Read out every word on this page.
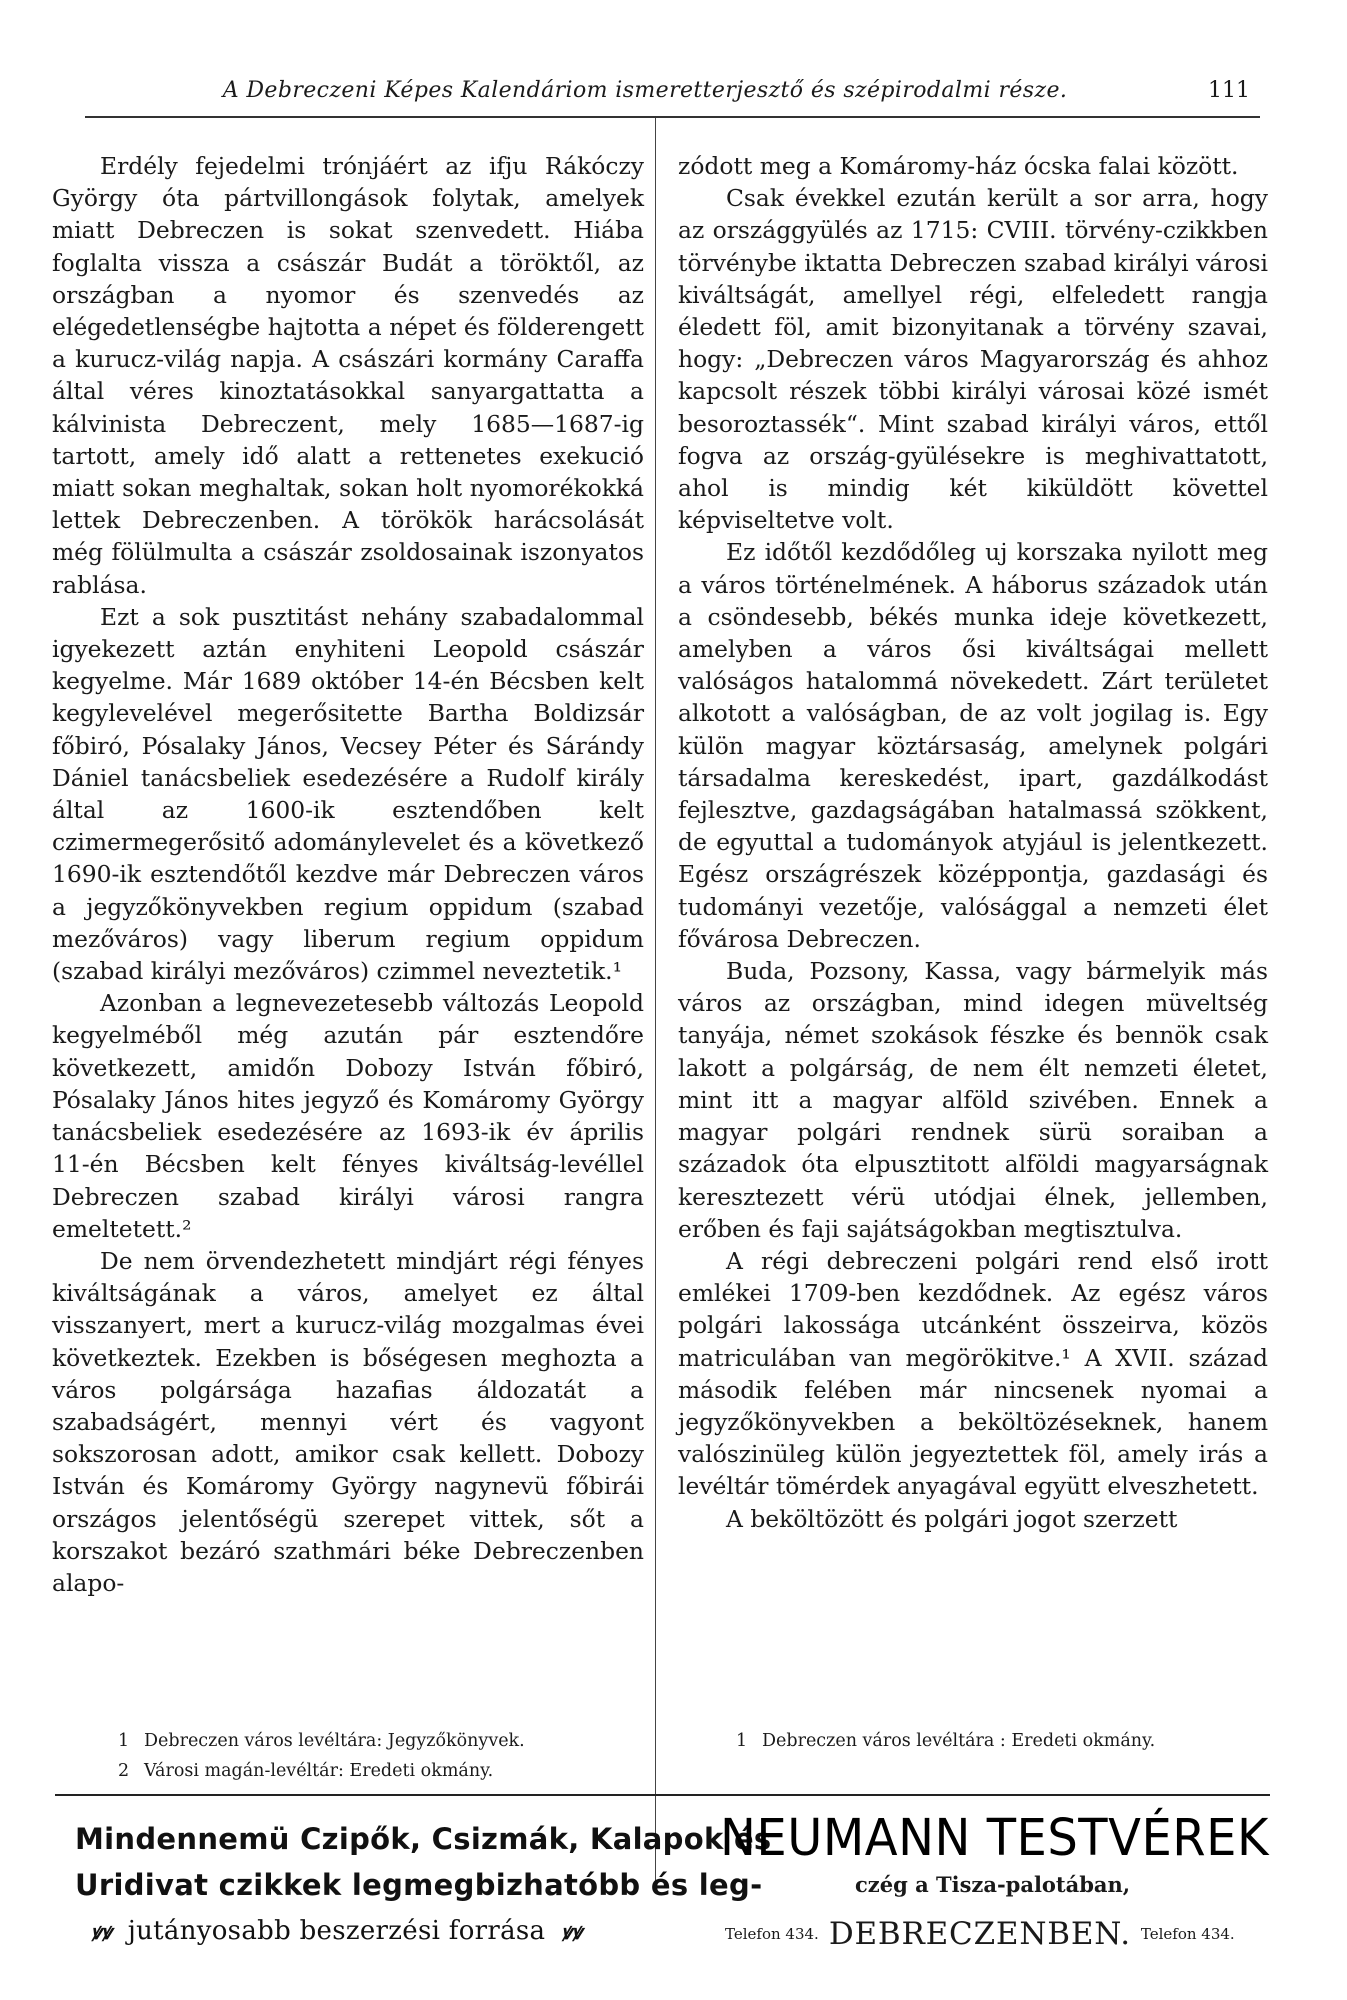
A Debreczeni Képes Kalendáriom ismeretterjesztő és szépirodalmi része.	111

Erdély fejedelmi trónjáért az ifju Rákóczy György óta pártvillongások folytak, amelyek miatt Debreczen is sokat szenvedett. Hiába foglalta vissza a császár Budát a töröktől, az országban a nyomor és szenvedés az elégedetlenségbe hajtotta a népet és földerengett a kurucz-világ napja. A császári kormány Caraffa által véres kinoztatásokkal sanyargattatta a kálvinista Debreczent, mely 1685—1687-ig tartott, amely idő alatt a rettenetes exekució miatt sokan meghaltak, sokan holt nyomorékokká lettek Debreczenben. A törökök harácsolását még fölülmulta a császár zsoldosainak iszonyatos rablása.

Ezt a sok pusztitást nehány szabadalommal igyekezett aztán enyhiteni Leopold császár kegyelme. Már 1689 október 14-én Bécsben kelt kegylevelével megerősitette Bartha Boldizsár főbiró, Pósalaky János, Vecsey Péter és Sárándy Dániel tanácsbeliek esedezésére a Rudolf király által az 1600-ik esztendőben kelt czimermegerősitő adománylevelet és a következő 1690-ik esztendőtől kezdve már Debreczen város a jegyzőkönyvekben regium oppidum (szabad mezőváros) vagy liberum regium oppidum (szabad királyi mezőváros) czimmel neveztetik.¹

Azonban a legnevezetesebb változás Leopold kegyelméből még azután pár esztendőre következett, amidőn Dobozy István főbiró, Pósalaky János hites jegyző és Komáromy György tanácsbeliek esedezésére az 1693-ik év április 11-én Bécsben kelt fényes kiváltság-levéllel Debreczen szabad királyi városi rangra emeltetett.²

De nem örvendezhetett mindjárt régi fényes kiváltságának a város, amelyet ez által visszanyert, mert a kurucz-világ mozgalmas évei következtek. Ezekben is bőségesen meghozta a város polgársága hazafias áldozatát a szabadságért, mennyi vért és vagyont sokszorosan adott, amikor csak kellett. Dobozy István és Komáromy György nagynevü főbirái országos jelentőségü szerepet vittek, sőt a korszakot bezáró szathmári béke Debreczenben alapo-

zódott meg a Komáromy-ház ócska falai között.

Csak évekkel ezután került a sor arra, hogy az országgyülés az 1715: CVIII. törvény-czikkben törvénybe iktatta Debreczen szabad királyi városi kiváltságát, amellyel régi, elfeledett rangja éledett föl, amit bizonyitanak a törvény szavai, hogy: „Debreczen város Magyarország és ahhoz kapcsolt részek többi királyi városai közé ismét besoroztassék“. Mint szabad királyi város, ettől fogva az ország-gyülésekre is meghivattatott, ahol is mindig két kiküldött követtel képviseltetve volt.

Ez időtől kezdődőleg uj korszaka nyilott meg a város történelmének. A háborus századok után a csöndesebb, békés munka ideje következett, amelyben a város ősi kiváltságai mellett valóságos hatalommá növekedett. Zárt területet alkotott a valóságban, de az volt jogilag is. Egy külön magyar köztársaság, amelynek polgári társadalma kereskedést, ipart, gazdálkodást fejlesztve, gazdagságában hatalmassá szökkent, de egyuttal a tudományok atyjául is jelentkezett. Egész országrészek középpontja, gazdasági és tudományi vezetője, valósággal a nemzeti élet fővárosa Debreczen.

Buda, Pozsony, Kassa, vagy bármelyik más város az országban, mind idegen müveltség tanyája, német szokások fészke és bennök csak lakott a polgárság, de nem élt nemzeti életet, mint itt a magyar alföld szivében. Ennek a magyar polgári rendnek sürü soraiban a századok óta elpusztitott alföldi magyarságnak keresztezett vérü utódjai élnek, jellemben, erőben és faji sajátságokban megtisztulva.

A régi debreczeni polgári rend első irott emlékei 1709-ben kezdődnek. Az egész város polgári lakossága utcánként összeirva, közös matriculában van megörökitve.¹ A XVII. század második felében már nincsenek nyomai a jegyzőkönyvekben a beköltözéseknek, hanem valószinüleg külön jegyeztettek föl, amely irás a levéltár tömérdek anyagával együtt elveszhetett.

A beköltözött és polgári jogot szerzett

1 Debreczen város levéltára: Jegyzőkönyvek.
2 Városi magán-levéltár: Eredeti okmány.
1 Debreczen város levéltára : Eredeti okmány.
Mindennemü Czipők, Csizmák, Kalapok és
Uridivat czikkek legmegbizhatóbb és leg-
ꝟꝟ jutányosabb beszerzési forrása ꝟꝟ
NEUMANN TESTVÉREK
czég a Tisza-palotában,
Telefon 434. DEBRECZENBEN. Telefon 434.
